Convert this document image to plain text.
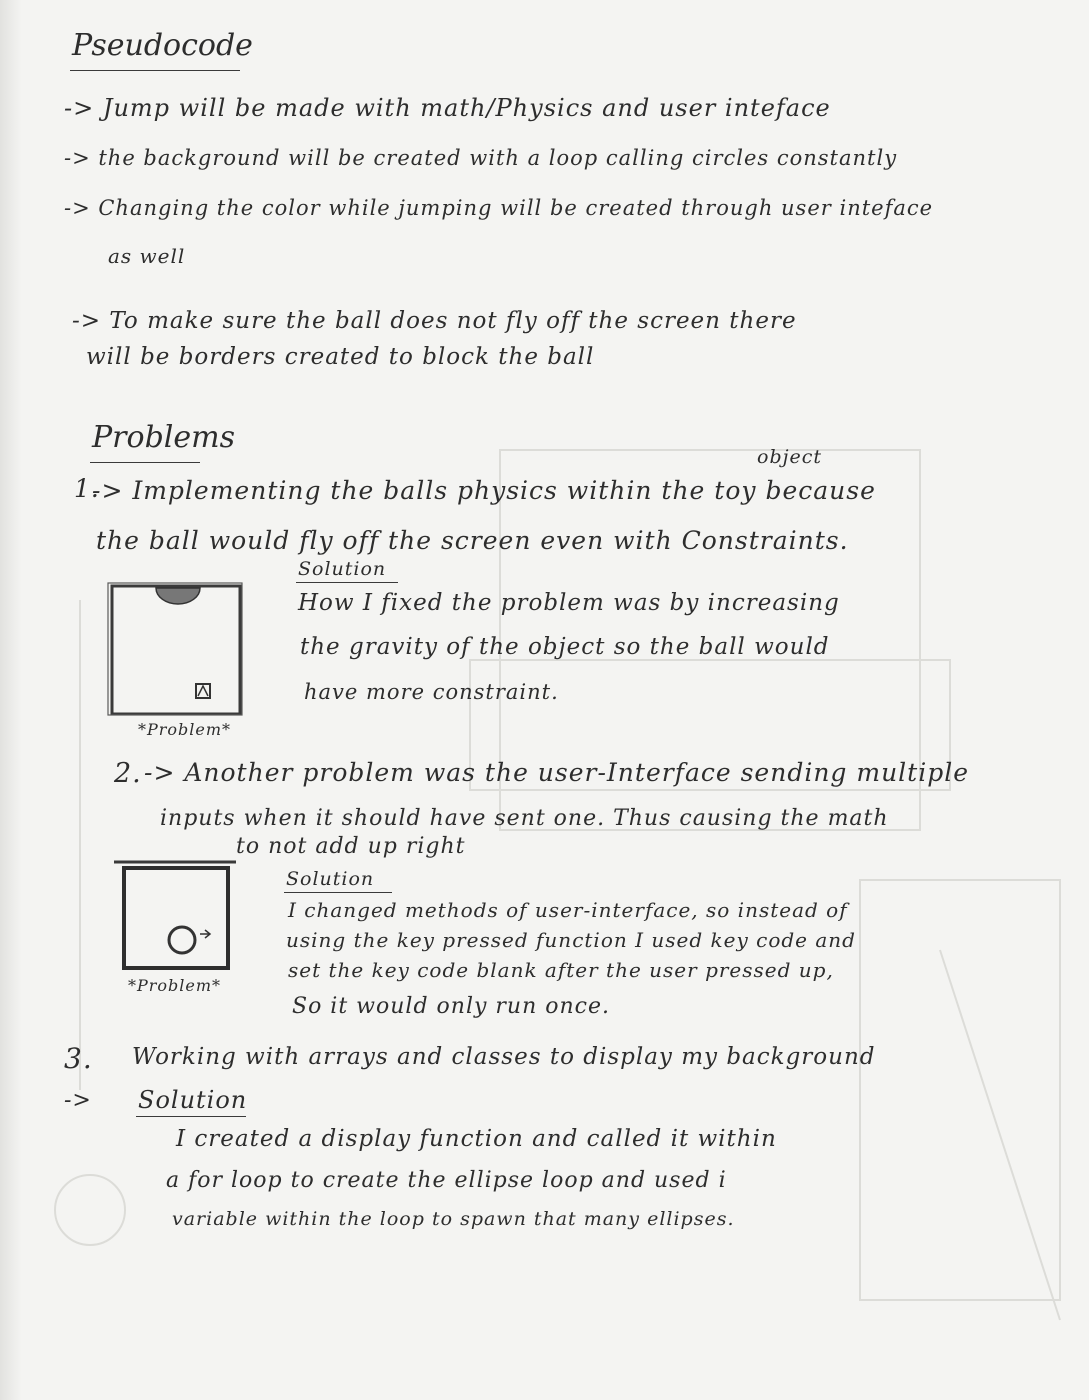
Pseudocode
-> Jump will be made with math/Physics and user inteface
-> the background will be created with a loop calling circles constantly
-> Changing the color while jumping will be created through user inteface
as well
-> To make sure the ball does not fly off the screen there
will be borders created to block the ball
Problems
object
1.
-> Implementing the balls physics within the toy because
the ball would fly off the screen even with Constraints.
*Problem*
Solution
How I fixed the problem was by increasing
the gravity of the object so the ball would
have more constraint.
2. -> Another problem was the user-Interface sending multiple
inputs when it should have sent one. Thus causing the math
to not add up right
*Problem*
Solution
I changed methods of user-interface, so instead of
using the key pressed function I used key code and
set the key code blank after the user pressed up,
So it would only run once.
3. Working with arrays and classes to display my background
-> Solution
I created a display function and called it within
a for loop to create the ellipse loop and used i
variable within the loop to spawn that many ellipses.
